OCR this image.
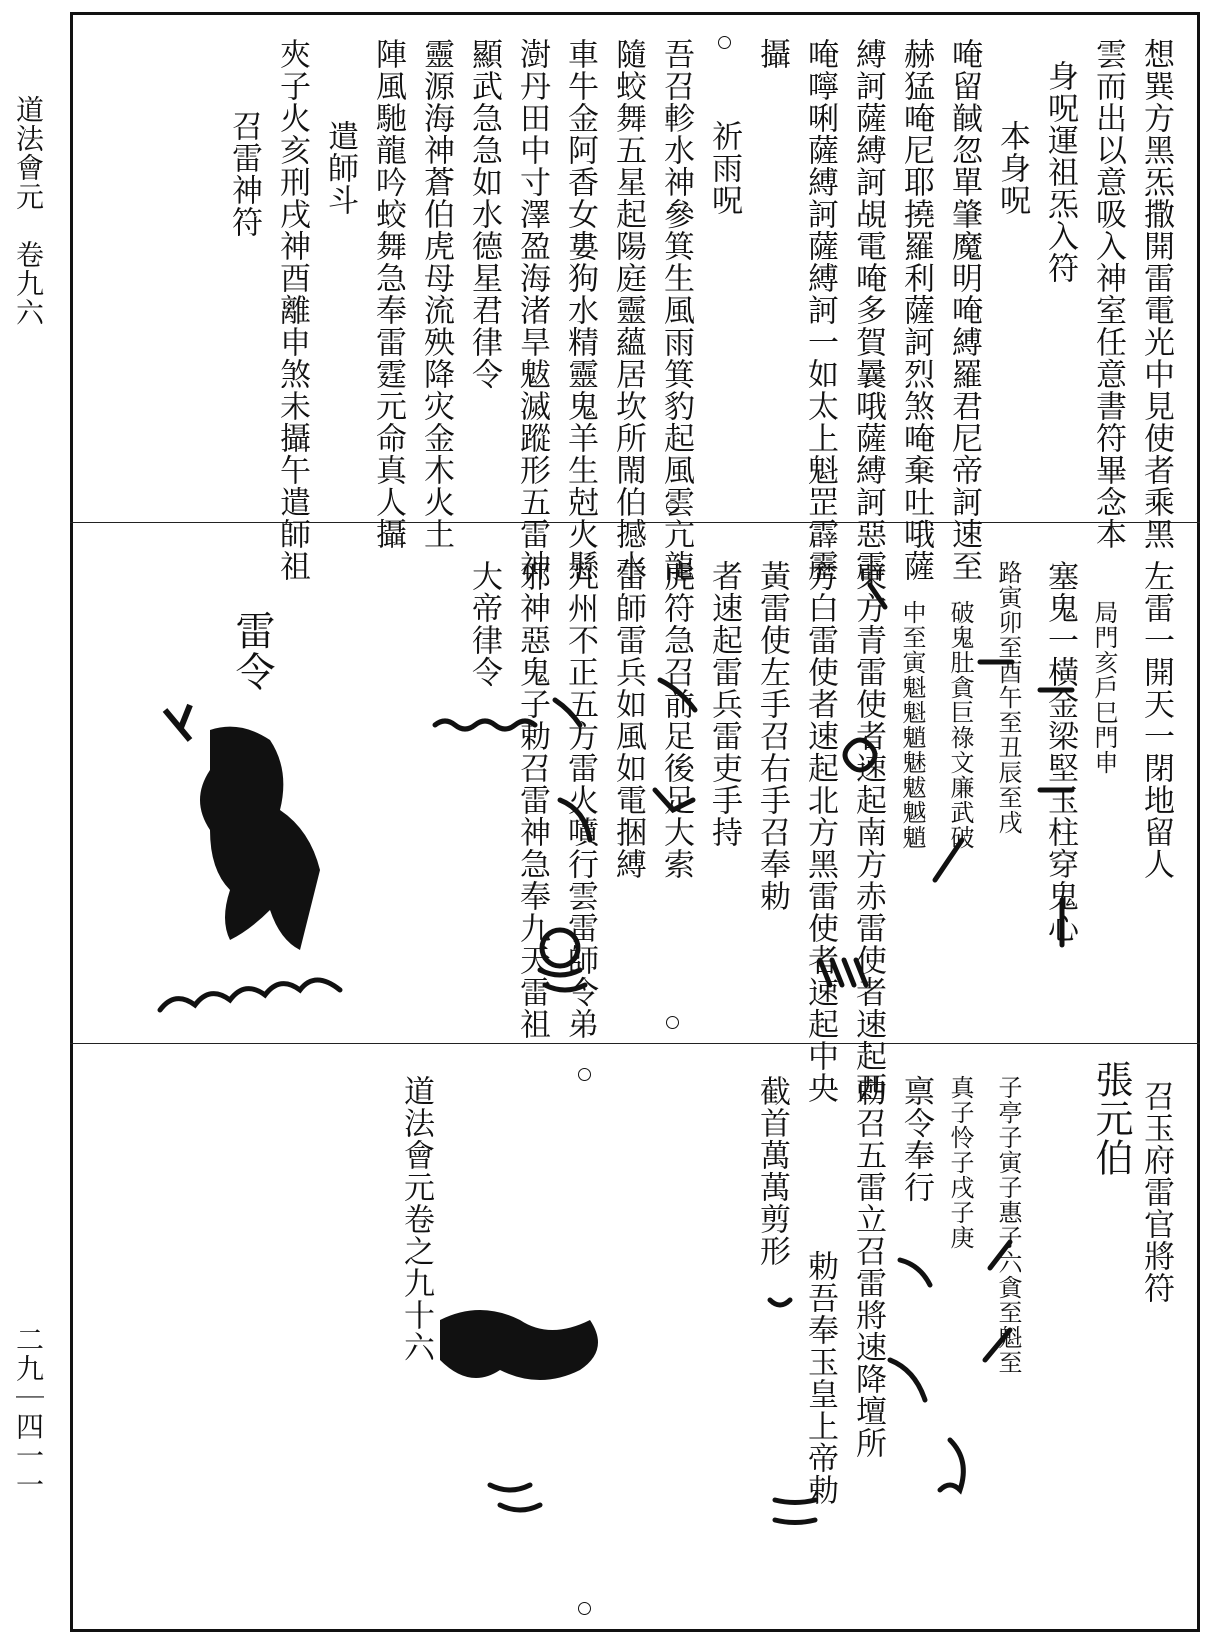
道法會元　卷九六
二九｜四一一
想巽方黑炁撒開雷電光中見使者乘黑
雲而出以意吸入神室任意書符畢念本
身呪運祖炁入符
本身呪
唵留馘忽單肇魔明唵縛羅君尼帝訶速至
赫猛唵尼耶撓羅利薩訶烈煞唵棄吐哦薩
縛訶薩縛訶覘電唵多賀曩哦薩縛訶惡霹
唵嚀唎薩縛訶薩縛訶一如太上魁罡霹靂
攝
祈雨呪
吾召軫水神參箕生風雨箕豹起風雲亢龍
隨蛟舞五星起陽庭靈蘊居坎所閙伯撼水
車牛金阿香女婁狗水精靈鬼羊生尅火懸
澍丹田中寸澤盈海渚旱魃滅蹤形五雷神
顯武急急如水德星君律令
靈源海神蒼伯虎母流殃降灾金木火土
陣風馳龍吟蛟舞急奉雷霆元命真人攝
遣師斗
夾子火亥刑戌神酉離申煞未攝午遣師祖
召雷神符
左雷一開天一閉地留人
局門亥戶巳門申
塞鬼一橫金梁堅玉柱穿鬼心
路寅卯至酉午至丑辰至戌
破鬼肚貪巨祿文廉武破
中至寅魁魁魈魅魃魆魈
東方青雷使者速起南方赤雷使者速起西
方白雷使者速起北方黑雷使者速起中央
黃雷使左手召右手召奉勅
者速起雷兵雷吏手持
虎符急召前足後足大索
雷師雷兵如風如電捆縛
九州不正五方雷火噴行雲雷師令弟
邪神惡鬼子勅召雷神急奉九天雷祖
大帝律令
雷令
召玉府雷官將符
張元伯
子亭子寅子惠子六貪至魁至
真子怜子戌子庚
禀令奉行
勅召五雷立召雷將速降壇所
勅吾奉玉皇上帝勅
截首萬萬剪形
道法會元卷之九十六
